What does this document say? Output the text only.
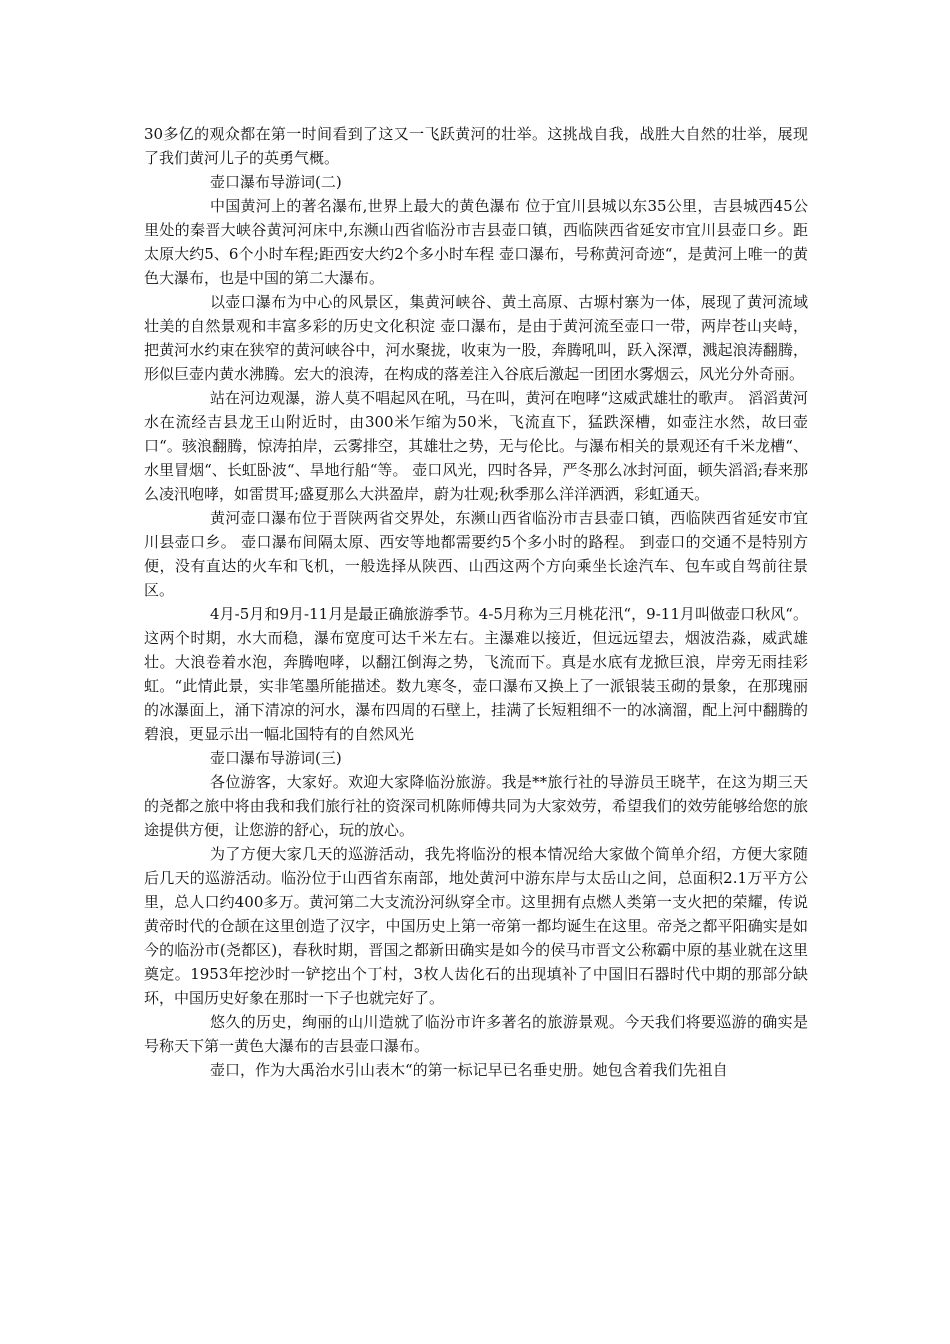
30多亿的观众都在第一时间看到了这又一飞跃黄河的壮举。这挑战自我，战胜大自然的壮举，展现了我们黄河儿子的英勇气概。

壶口瀑布导游词(二)

中国黄河上的著名瀑布,世界上最大的黄色瀑布 位于宜川县城以东35公里，吉县城西45公里处的秦晋大峡谷黄河河床中,东濒山西省临汾市吉县壶口镇，西临陕西省延安市宜川县壶口乡。距太原大约5、6个小时车程;距西安大约2个多小时车程 壶口瀑布，号称黄河奇迹“，是黄河上唯一的黄色大瀑布，也是中国的第二大瀑布。

以壶口瀑布为中心的风景区，集黄河峡谷、黄土高原、古塬村寨为一体，展现了黄河流域壮美的自然景观和丰富多彩的历史文化积淀 壶口瀑布，是由于黄河流至壶口一带，两岸苍山夹峙，把黄河水约束在狭窄的黄河峡谷中，河水聚拢，收束为一股，奔腾吼叫，跃入深潭，溅起浪涛翻腾，形似巨壶内黄水沸腾。宏大的浪涛，在构成的落差注入谷底后激起一团团水雾烟云，风光分外奇丽。

站在河边观瀑，游人莫不唱起风在吼，马在叫，黄河在咆哮“这威武雄壮的歌声。 滔滔黄河水在流经吉县龙王山附近时，由300米乍缩为50米，飞流直下，猛跌深槽，如壶注水然，故曰壶口“。骇浪翻腾，惊涛拍岸，云雾排空，其雄壮之势，无与伦比。与瀑布相关的景观还有千米龙槽“、水里冒烟“、长虹卧波“、旱地行船“等。 壶口风光，四时各异，严冬那么冰封河面，顿失滔滔;春来那么凌汛咆哮，如雷贯耳;盛夏那么大洪盈岸，蔚为壮观;秋季那么洋洋洒洒，彩虹通天。

黄河壶口瀑布位于晋陕两省交界处，东濒山西省临汾市吉县壶口镇，西临陕西省延安市宜川县壶口乡。 壶口瀑布间隔太原、西安等地都需要约5个多小时的路程。 到壶口的交通不是特别方便，没有直达的火车和飞机，一般选择从陕西、山西这两个方向乘坐长途汽车、包车或自驾前往景区。

4月-5月和9月-11月是最正确旅游季节。4-5月称为三月桃花汛“，9-11月叫做壶口秋风“。这两个时期，水大而稳，瀑布宽度可达千米左右。主瀑难以接近，但远远望去，烟波浩淼，威武雄壮。大浪卷着水泡，奔腾咆哮，以翻江倒海之势，飞流而下。真是水底有龙掀巨浪，岸旁无雨挂彩虹。“此情此景，实非笔墨所能描述。数九寒冬，壶口瀑布又换上了一派银装玉砌的景象，在那瑰丽的冰瀑面上，涌下清凉的河水，瀑布四周的石壁上，挂满了长短粗细不一的冰滴溜，配上河中翻腾的碧浪，更显示出一幅北国特有的自然风光

壶口瀑布导游词(三)

各位游客，大家好。欢迎大家降临汾旅游。我是**旅行社的导游员王晓芊，在这为期三天的尧都之旅中将由我和我们旅行社的资深司机陈师傅共同为大家效劳，希望我们的效劳能够给您的旅途提供方便，让您游的舒心，玩的放心。

为了方便大家几天的巡游活动，我先将临汾的根本情况给大家做个简单介绍，方便大家随后几天的巡游活动。临汾位于山西省东南部，地处黄河中游东岸与太岳山之间，总面积2.1万平方公里，总人口约400多万。黄河第二大支流汾河纵穿全市。这里拥有点燃人类第一支火把的荣耀，传说黄帝时代的仓颉在这里创造了汉字，中国历史上第一帝第一都均诞生在这里。帝尧之都平阳确实是如今的临汾市(尧都区)，春秋时期，晋国之都新田确实是如今的侯马市晋文公称霸中原的基业就在这里奠定。1953年挖沙时一铲挖出个丁村，3枚人齿化石的出现填补了中国旧石器时代中期的那部分缺环，中国历史好象在那时一下子也就完好了。

悠久的历史，绚丽的山川造就了临汾市许多著名的旅游景观。今天我们将要巡游的确实是号称天下第一黄色大瀑布的吉县壶口瀑布。

壶口，作为大禹治水引山表木“的第一标记早已名垂史册。她包含着我们先祖自
